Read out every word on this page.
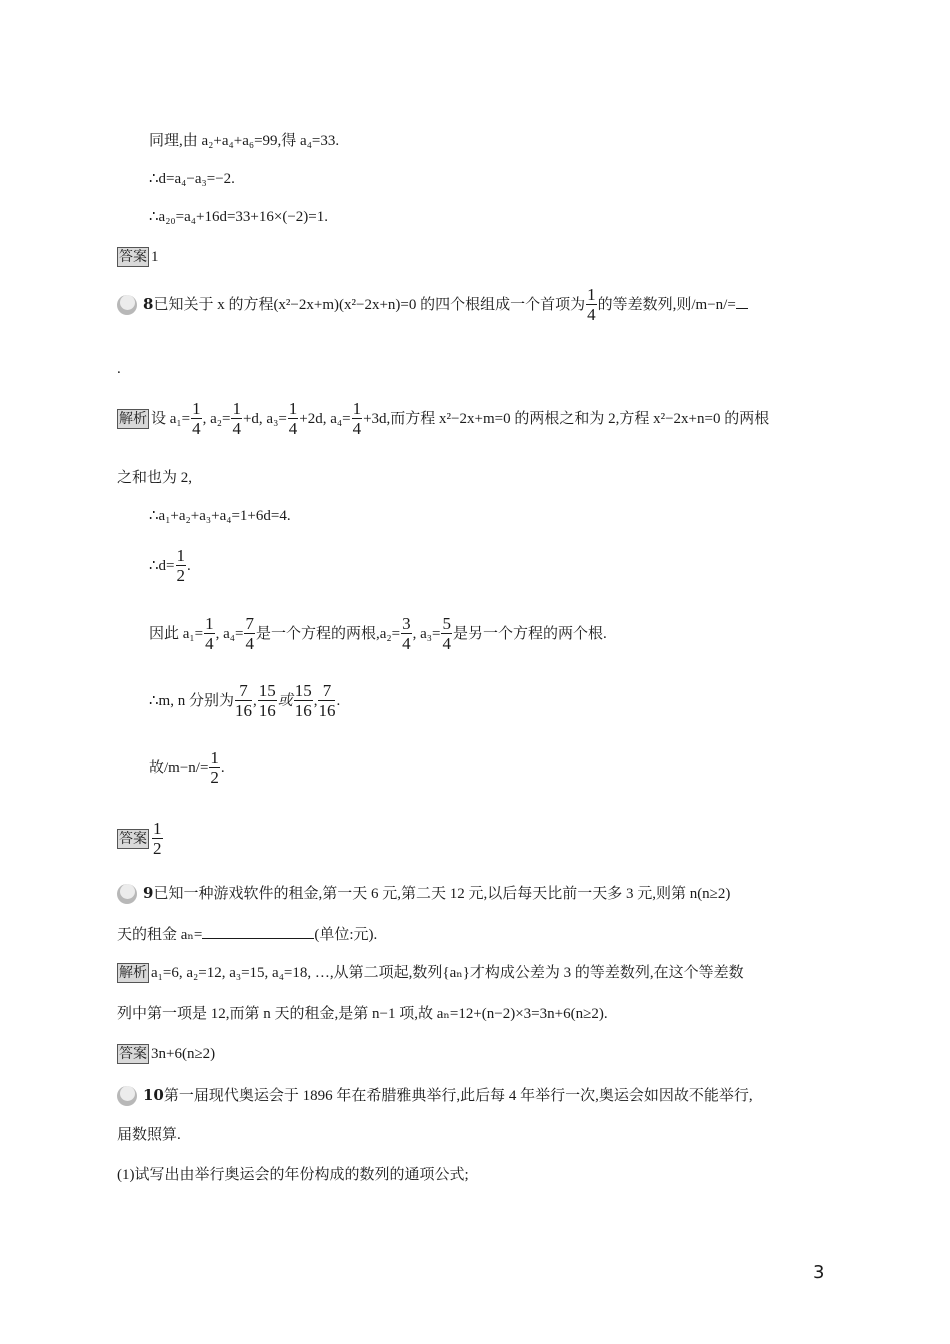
同理,由 a₂+a₄+a₆=99,得 a₄=33.
∴d=a₄−a₃=−2.
∴a₂₀=a₄+16d=33+16×(−2)=1.
答案 1
8已知关于 x 的方程(x²−2x+m)(x²−2x+n)=0 的四个根组成一个首项为 $\frac{1}{4}$ 的等差数列,则/m−n/=
.
解析 设 $a_1= \frac{1}{4}$ , $a_2= \frac{1}{4} +d$, $a_3= \frac{1}{4} +2d$, $a_4= \frac{1}{4} +3d$,而方程 x²−2x+m=0 的两根之和为 2,方程 x²−2x+n=0 的两根
之和也为 2,
∴a₁+a₂+a₃+a₄=1+6d=4.
∴d= $\frac{1}{2}$ .
因此 $a_1= \frac{1}{4}$ , $a_4= \frac{7}{4}$ 是一个方程的两根$,a_2= \frac{3}{4}$ , $a_3= \frac{5}{4}$ 是另一个方程的两个根.
∴m, n 分别为 $\frac{7}{16}$ , $\frac{15}{16}$ 或 $\frac{15}{16}$ , $\frac{7}{16}$ .
故$/m-n/= \frac{1}{2}$ .
答案 $\frac{1}{2}$
9已知一种游戏软件的租金,第一天 6 元,第二天 12 元,以后每天比前一天多 3 元,则第 n(n≥2)
天的租金 aₙ=	(单位:元).
解析 a₁=6, a₂=12, a₃=15, a₄=18, …,从第二项起,数列{aₙ}才构成公差为 3 的等差数列,在这个等差数
列中第一项是 12,而第 n 天的租金,是第 n−1 项,故 aₙ=12+(n−2)×3=3n+6(n≥2).
答案 3n+6(n≥2)
10第一届现代奥运会于 1896 年在希腊雅典举行,此后每 4 年举行一次,奥运会如因故不能举行,
届数照算.
(1)试写出由举行奥运会的年份构成的数列的通项公式;
3
